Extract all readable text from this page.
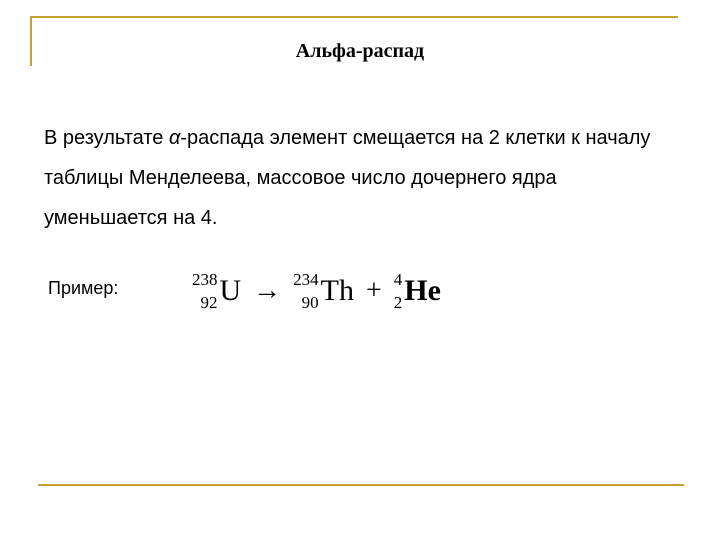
Альфа-распад
В результате α-распада элемент смещается на 2 клетки к началу таблицы Менделеева, массовое число дочернего ядра уменьшается на 4.
Пример:	238
92 U → 234
90 Th + 4
2 He
